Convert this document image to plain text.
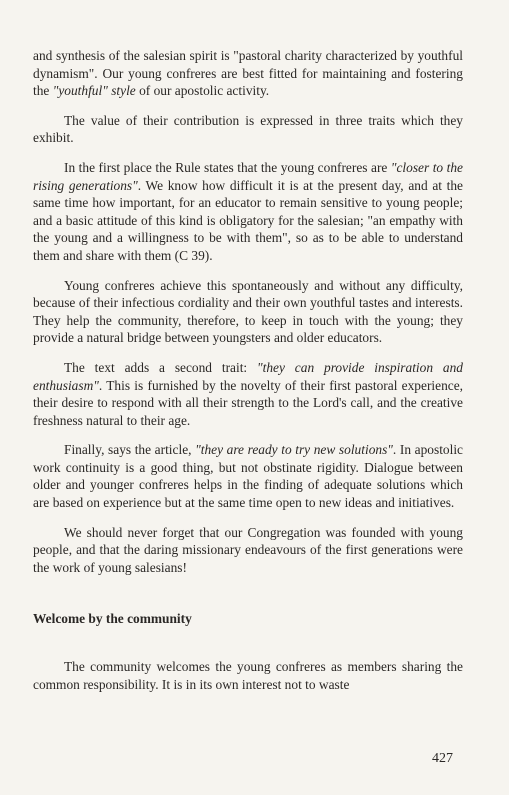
and synthesis of the salesian spirit is "pastoral charity characterized by youthful dynamism". Our young confreres are best fitted for maintaining and fostering the "youthful" style of our apostolic activity.

The value of their contribution is expressed in three traits which they exhibit.

In the first place the Rule states that the young confreres are "closer to the rising generations". We know how difficult it is at the present day, and at the same time how important, for an educator to remain sensitive to young people; and a basic attitude of this kind is obligatory for the salesian; "an empathy with the young and a willingness to be with them", so as to be able to understand them and share with them (C 39).

Young confreres achieve this spontaneously and without any difficulty, because of their infectious cordiality and their own youthful tastes and interests. They help the community, therefore, to keep in touch with the young; they provide a natural bridge between youngsters and older educators.

The text adds a second trait: "they can provide inspiration and enthusiasm". This is furnished by the novelty of their first pastoral experience, their desire to respond with all their strength to the Lord's call, and the creative freshness natural to their age.

Finally, says the article, "they are ready to try new solutions". In apostolic work continuity is a good thing, but not obstinate rigidity. Dialogue between older and younger confreres helps in the finding of adequate solutions which are based on experience but at the same time open to new ideas and initiatives.

We should never forget that our Congregation was founded with young people, and that the daring missionary endeavours of the first generations were the work of young salesians!

Welcome by the community

The community welcomes the young confreres as members sharing the common responsibility. It is in its own interest not to waste

427
